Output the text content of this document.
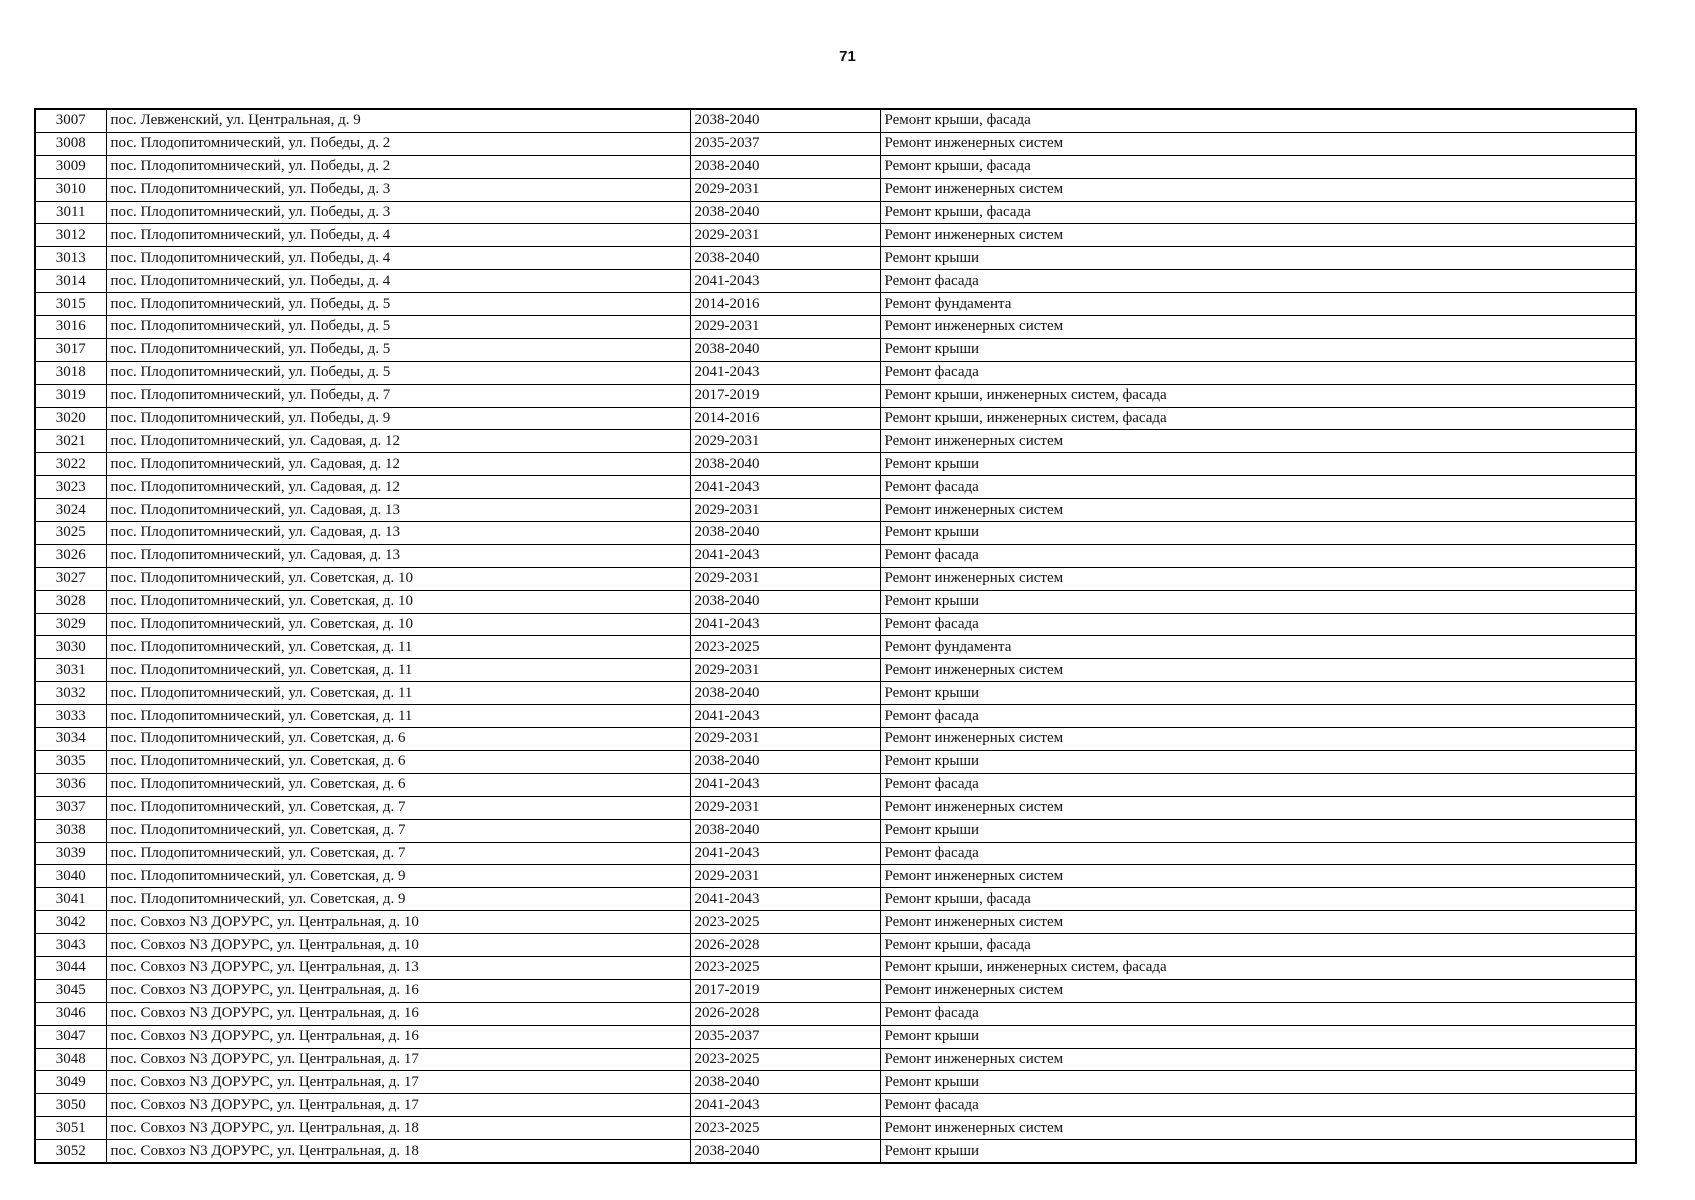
71
3007	пос. Левженский, ул. Центральная, д. 9	2038-2040	Ремонт крыши, фасада
3008	пос. Плодопитомнический, ул. Победы, д. 2	2035-2037	Ремонт инженерных систем
3009	пос. Плодопитомнический, ул. Победы, д. 2	2038-2040	Ремонт крыши, фасада
3010	пос. Плодопитомнический, ул. Победы, д. 3	2029-2031	Ремонт инженерных систем
3011	пос. Плодопитомнический, ул. Победы, д. 3	2038-2040	Ремонт крыши, фасада
3012	пос. Плодопитомнический, ул. Победы, д. 4	2029-2031	Ремонт инженерных систем
3013	пос. Плодопитомнический, ул. Победы, д. 4	2038-2040	Ремонт крыши
3014	пос. Плодопитомнический, ул. Победы, д. 4	2041-2043	Ремонт фасада
3015	пос. Плодопитомнический, ул. Победы, д. 5	2014-2016	Ремонт фундамента
3016	пос. Плодопитомнический, ул. Победы, д. 5	2029-2031	Ремонт инженерных систем
3017	пос. Плодопитомнический, ул. Победы, д. 5	2038-2040	Ремонт крыши
3018	пос. Плодопитомнический, ул. Победы, д. 5	2041-2043	Ремонт фасада
3019	пос. Плодопитомнический, ул. Победы, д. 7	2017-2019	Ремонт крыши, инженерных систем, фасада
3020	пос. Плодопитомнический, ул. Победы, д. 9	2014-2016	Ремонт крыши, инженерных систем, фасада
3021	пос. Плодопитомнический, ул. Садовая, д. 12	2029-2031	Ремонт инженерных систем
3022	пос. Плодопитомнический, ул. Садовая, д. 12	2038-2040	Ремонт крыши
3023	пос. Плодопитомнический, ул. Садовая, д. 12	2041-2043	Ремонт фасада
3024	пос. Плодопитомнический, ул. Садовая, д. 13	2029-2031	Ремонт инженерных систем
3025	пос. Плодопитомнический, ул. Садовая, д. 13	2038-2040	Ремонт крыши
3026	пос. Плодопитомнический, ул. Садовая, д. 13	2041-2043	Ремонт фасада
3027	пос. Плодопитомнический, ул. Советская, д. 10	2029-2031	Ремонт инженерных систем
3028	пос. Плодопитомнический, ул. Советская, д. 10	2038-2040	Ремонт крыши
3029	пос. Плодопитомнический, ул. Советская, д. 10	2041-2043	Ремонт фасада
3030	пос. Плодопитомнический, ул. Советская, д. 11	2023-2025	Ремонт фундамента
3031	пос. Плодопитомнический, ул. Советская, д. 11	2029-2031	Ремонт инженерных систем
3032	пос. Плодопитомнический, ул. Советская, д. 11	2038-2040	Ремонт крыши
3033	пос. Плодопитомнический, ул. Советская, д. 11	2041-2043	Ремонт фасада
3034	пос. Плодопитомнический, ул. Советская, д. 6	2029-2031	Ремонт инженерных систем
3035	пос. Плодопитомнический, ул. Советская, д. 6	2038-2040	Ремонт крыши
3036	пос. Плодопитомнический, ул. Советская, д. 6	2041-2043	Ремонт фасада
3037	пос. Плодопитомнический, ул. Советская, д. 7	2029-2031	Ремонт инженерных систем
3038	пос. Плодопитомнический, ул. Советская, д. 7	2038-2040	Ремонт крыши
3039	пос. Плодопитомнический, ул. Советская, д. 7	2041-2043	Ремонт фасада
3040	пос. Плодопитомнический, ул. Советская, д. 9	2029-2031	Ремонт инженерных систем
3041	пос. Плодопитомнический, ул. Советская, д. 9	2041-2043	Ремонт крыши, фасада
3042	пос. Совхоз N3 ДОРУРС, ул. Центральная, д. 10	2023-2025	Ремонт инженерных систем
3043	пос. Совхоз N3 ДОРУРС, ул. Центральная, д. 10	2026-2028	Ремонт крыши, фасада
3044	пос. Совхоз N3 ДОРУРС, ул. Центральная, д. 13	2023-2025	Ремонт крыши, инженерных систем, фасада
3045	пос. Совхоз N3 ДОРУРС, ул. Центральная, д. 16	2017-2019	Ремонт инженерных систем
3046	пос. Совхоз N3 ДОРУРС, ул. Центральная, д. 16	2026-2028	Ремонт фасада
3047	пос. Совхоз N3 ДОРУРС, ул. Центральная, д. 16	2035-2037	Ремонт крыши
3048	пос. Совхоз N3 ДОРУРС, ул. Центральная, д. 17	2023-2025	Ремонт инженерных систем
3049	пос. Совхоз N3 ДОРУРС, ул. Центральная, д. 17	2038-2040	Ремонт крыши
3050	пос. Совхоз N3 ДОРУРС, ул. Центральная, д. 17	2041-2043	Ремонт фасада
3051	пос. Совхоз N3 ДОРУРС, ул. Центральная, д. 18	2023-2025	Ремонт инженерных систем
3052	пос. Совхоз N3 ДОРУРС, ул. Центральная, д. 18	2038-2040	Ремонт крыши
